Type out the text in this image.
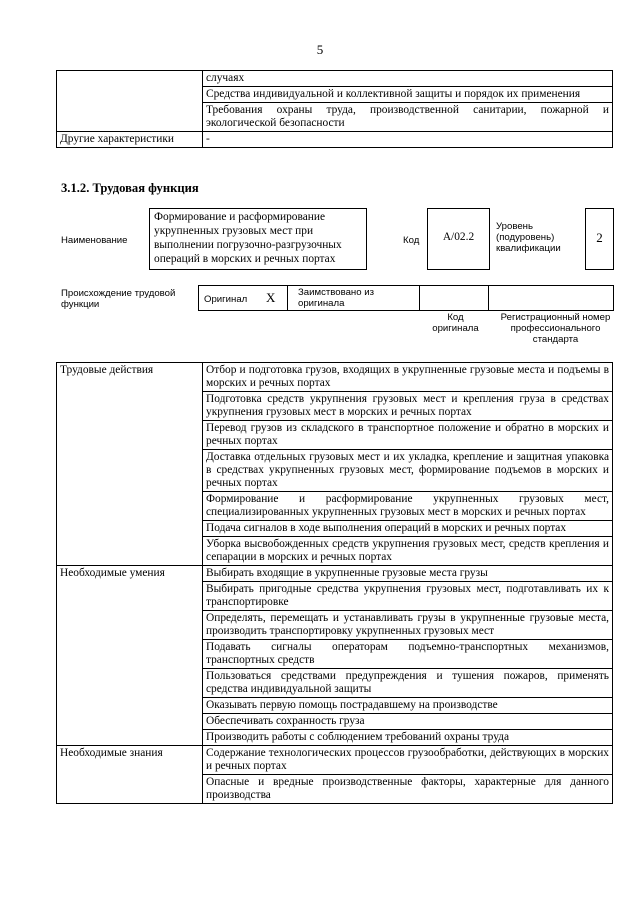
5
	случаях
	Средства индивидуальной и коллективной защиты и порядок их применения
	Требования охраны труда, производственной санитарии, пожарной и экологической безопасности
Другие характеристики	-
3.1.2. Трудовая функция
Наименование
Формирование и расформирование укрупненных грузовых мест при выполнении погрузочно-разгрузочных операций в морских и речных портах
Код	A/02.2
Уровень (подуровень) квалификации
2
Происхождение трудовой функции	Оригинал X Заимствовано из оригинала
Код оригинала
Регистрационный номер профессионального стандарта
Трудовые действия	Отбор и подготовка грузов, входящих в укрупненные грузовые места и подъемы в морских и речных портах
	Подготовка средств укрупнения грузовых мест и крепления груза в средствах укрупнения грузовых мест в морских и речных портах
	Перевод грузов из складского в транспортное положение и обратно в морских и речных портах
	Доставка отдельных грузовых мест и их укладка, крепление и защитная упаковка в средствах укрупненных грузовых мест, формирование подъемов в морских и речных портах
	Формирование и расформирование укрупненных грузовых мест, специализированных укрупненных грузовых мест в морских и речных портах
	Подача сигналов в ходе выполнения операций в морских и речных портах
	Уборка высвобожденных средств укрупнения грузовых мест, средств крепления и сепарации в морских и речных портах
Необходимые умения	Выбирать входящие в укрупненные грузовые места грузы
	Выбирать пригодные средства укрупнения грузовых мест, подготавливать их к транспортировке
	Определять, перемещать и устанавливать грузы в укрупненные грузовые места, производить транспортировку укрупненных грузовых мест
	Подавать сигналы операторам подъемно-транспортных механизмов, транспортных средств
	Пользоваться средствами предупреждения и тушения пожаров, применять средства индивидуальной защиты
	Оказывать первую помощь пострадавшему на производстве
	Обеспечивать сохранность груза
	Производить работы с соблюдением требований охраны труда
Необходимые знания	Содержание технологических процессов грузообработки, действующих в морских и речных портах
	Опасные и вредные производственные факторы, характерные для данного производства
